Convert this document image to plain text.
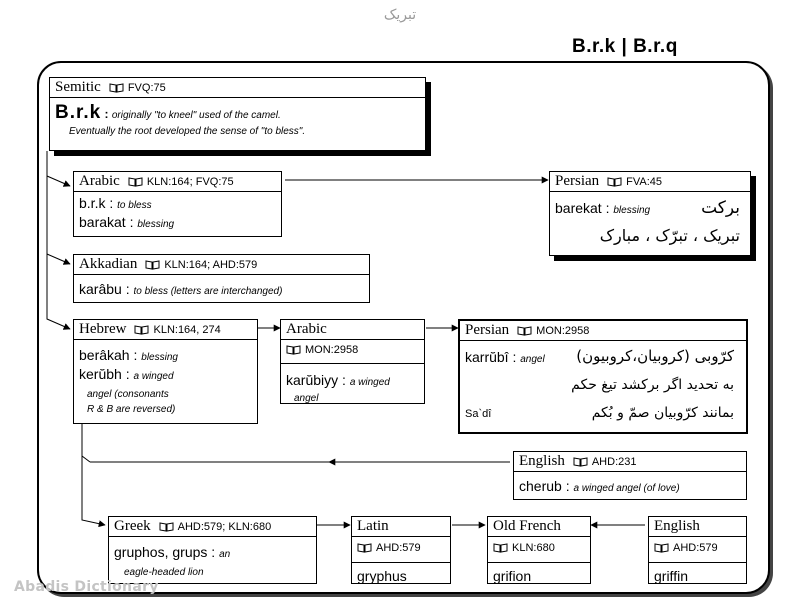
تبریک
B.r.k | B.r.q
Semitic FVQ:75
B.r.k : originally "to kneel" used of the camel.
Eventually the root developed the sense of "to bless".
Arabic KLN:164; FVQ:75
b.r.k : to bless
barakat : blessing
Persian FVA:45
barekat : blessing	برکت
تبریک ، تبرّک ، مبارک
Akkadian KLN:164; AHD:579
karâbu : to bless (letters are interchanged)
Hebrew KLN:164, 274
berâkah : blessing
kerŭbh : a winged
angel (consonants
R & B are reversed)
Arabic
MON:2958
karŭbiyy : a winged
angel
Persian MON:2958
karrŭbî : angel
Sa`dî
کرّوبی (کروبیان،کروبیون)
به تحدید اگر برکشد تیغ حکم
بمانند کرّوبیان صمّ و بُکم
English AHD:231
cherub : a winged angel (of love)
Greek AHD:579; KLN:680
gruphos, grups : an
eagle-headed lion
Latin
AHD:579
gryphus
Old French
KLN:680
grifion
English
AHD:579
griffin
Abadis Dictionary
